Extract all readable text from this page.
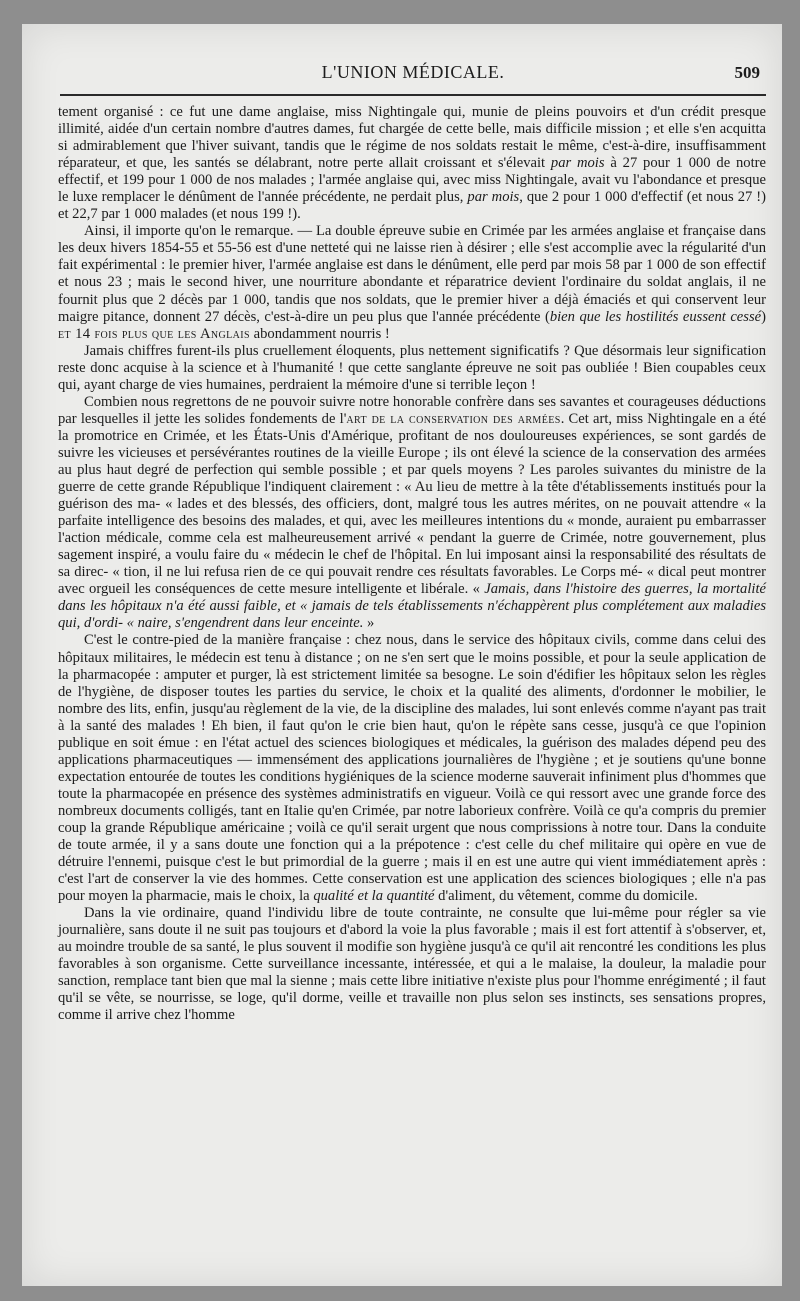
L'UNION MÉDICALE.	509

tement organisé : ce fut une dame anglaise, miss Nightingale qui, munie de pleins pouvoirs et d'un crédit presque illimité, aidée d'un certain nombre d'autres dames, fut chargée de cette belle, mais difficile mission ; et elle s'en acquitta si admirablement que l'hiver suivant, tandis que le régime de nos soldats restait le même, c'est-à-dire, insuffisamment réparateur, et que, les santés se délabrant, notre perte allait croissant et s'élevait par mois à 27 pour 1 000 de notre effectif, et 199 pour 1 000 de nos malades ; l'armée anglaise qui, avec miss Nightingale, avait vu l'abondance et presque le luxe remplacer le dénûment de l'année précédente, ne perdait plus, par mois, que 2 pour 1 000 d'effectif (et nous 27 !) et 22,7 par 1 000 malades (et nous 199 !).

Ainsi, il importe qu'on le remarque. — La double épreuve subie en Crimée par les armées anglaise et française dans les deux hivers 1854-55 et 55-56 est d'une netteté qui ne laisse rien à désirer ; elle s'est accomplie avec la régularité d'un fait expérimental : le premier hiver, l'armée anglaise est dans le dénûment, elle perd par mois 58 par 1 000 de son effectif et nous 23 ; mais le second hiver, une nourriture abondante et réparatrice devient l'ordinaire du soldat anglais, il ne fournit plus que 2 décès par 1 000, tandis que nos soldats, que le premier hiver a déjà émaciés et qui conservent leur maigre pitance, donnent 27 décès, c'est-à-dire un peu plus que l'année précédente (bien que les hostilités eussent cessé) et 14 fois plus que les Anglais abondamment nourris !

Jamais chiffres furent-ils plus cruellement éloquents, plus nettement significatifs ? Que désormais leur signification reste donc acquise à la science et à l'humanité ! que cette sanglante épreuve ne soit pas oubliée ! Bien coupables ceux qui, ayant charge de vies humaines, perdraient la mémoire d'une si terrible leçon !

Combien nous regrettons de ne pouvoir suivre notre honorable confrère dans ses savantes et courageuses déductions par lesquelles il jette les solides fondements de l'art de la conservation des armées. Cet art, miss Nightingale en a été la promotrice en Crimée, et les États-Unis d'Amérique, profitant de nos douloureuses expériences, se sont gardés de suivre les vicieuses et persévérantes routines de la vieille Europe ; ils ont élevé la science de la conservation des armées au plus haut degré de perfection qui semble possible ; et par quels moyens ? Les paroles suivantes du ministre de la guerre de cette grande République l'indiquent clairement : « Au lieu de mettre à la tête d'établissements institués pour la guérison des ma- « lades et des blessés, des officiers, dont, malgré tous les autres mérites, on ne pouvait attendre « la parfaite intelligence des besoins des malades, et qui, avec les meilleures intentions du « monde, auraient pu embarrasser l'action médicale, comme cela est malheureusement arrivé « pendant la guerre de Crimée, notre gouvernement, plus sagement inspiré, a voulu faire du « médecin le chef de l'hôpital. En lui imposant ainsi la responsabilité des résultats de sa direc- « tion, il ne lui refusa rien de ce qui pouvait rendre ces résultats favorables. Le Corps mé- « dical peut montrer avec orgueil les conséquences de cette mesure intelligente et libérale. « Jamais, dans l'histoire des guerres, la mortalité dans les hôpitaux n'a été aussi faible, et « jamais de tels établissements n'échappèrent plus complétement aux maladies qui, d'ordi- « naire, s'engendrent dans leur enceinte. »

C'est le contre-pied de la manière française : chez nous, dans le service des hôpitaux civils, comme dans celui des hôpitaux militaires, le médecin est tenu à distance ; on ne s'en sert que le moins possible, et pour la seule application de la pharmacopée : amputer et purger, là est strictement limitée sa besogne. Le soin d'édifier les hôpitaux selon les règles de l'hygiène, de disposer toutes les parties du service, le choix et la qualité des aliments, d'ordonner le mobilier, le nombre des lits, enfin, jusqu'au règlement de la vie, de la discipline des malades, lui sont enlevés comme n'ayant pas trait à la santé des malades ! Eh bien, il faut qu'on le crie bien haut, qu'on le répète sans cesse, jusqu'à ce que l'opinion publique en soit émue : en l'état actuel des sciences biologiques et médicales, la guérison des malades dépend peu des applications pharmaceutiques — immensément des applications journalières de l'hygiène ; et je soutiens qu'une bonne expectation entourée de toutes les conditions hygiéniques de la science moderne sauverait infiniment plus d'hommes que toute la pharmacopée en présence des systèmes administratifs en vigueur. Voilà ce qui ressort avec une grande force des nombreux documents colligés, tant en Italie qu'en Crimée, par notre laborieux confrère. Voilà ce qu'a compris du premier coup la grande République américaine ; voilà ce qu'il serait urgent que nous comprissions à notre tour. Dans la conduite de toute armée, il y a sans doute une fonction qui a la prépotence : c'est celle du chef militaire qui opère en vue de détruire l'ennemi, puisque c'est le but primordial de la guerre ; mais il en est une autre qui vient immédiatement après : c'est l'art de conserver la vie des hommes. Cette conservation est une application des sciences biologiques ; elle n'a pas pour moyen la pharmacie, mais le choix, la qualité et la quantité d'aliment, du vêtement, comme du domicile.

Dans la vie ordinaire, quand l'individu libre de toute contrainte, ne consulte que lui-même pour régler sa vie journalière, sans doute il ne suit pas toujours et d'abord la voie la plus favorable ; mais il est fort attentif à s'observer, et, au moindre trouble de sa santé, le plus souvent il modifie son hygiène jusqu'à ce qu'il ait rencontré les conditions les plus favorables à son organisme. Cette surveillance incessante, intéressée, et qui a le malaise, la douleur, la maladie pour sanction, remplace tant bien que mal la sienne ; mais cette libre initiative n'existe plus pour l'homme enrégimenté ; il faut qu'il se vête, se nourrisse, se loge, qu'il dorme, veille et travaille non plus selon ses instincts, ses sensations propres, comme il arrive chez l'homme
